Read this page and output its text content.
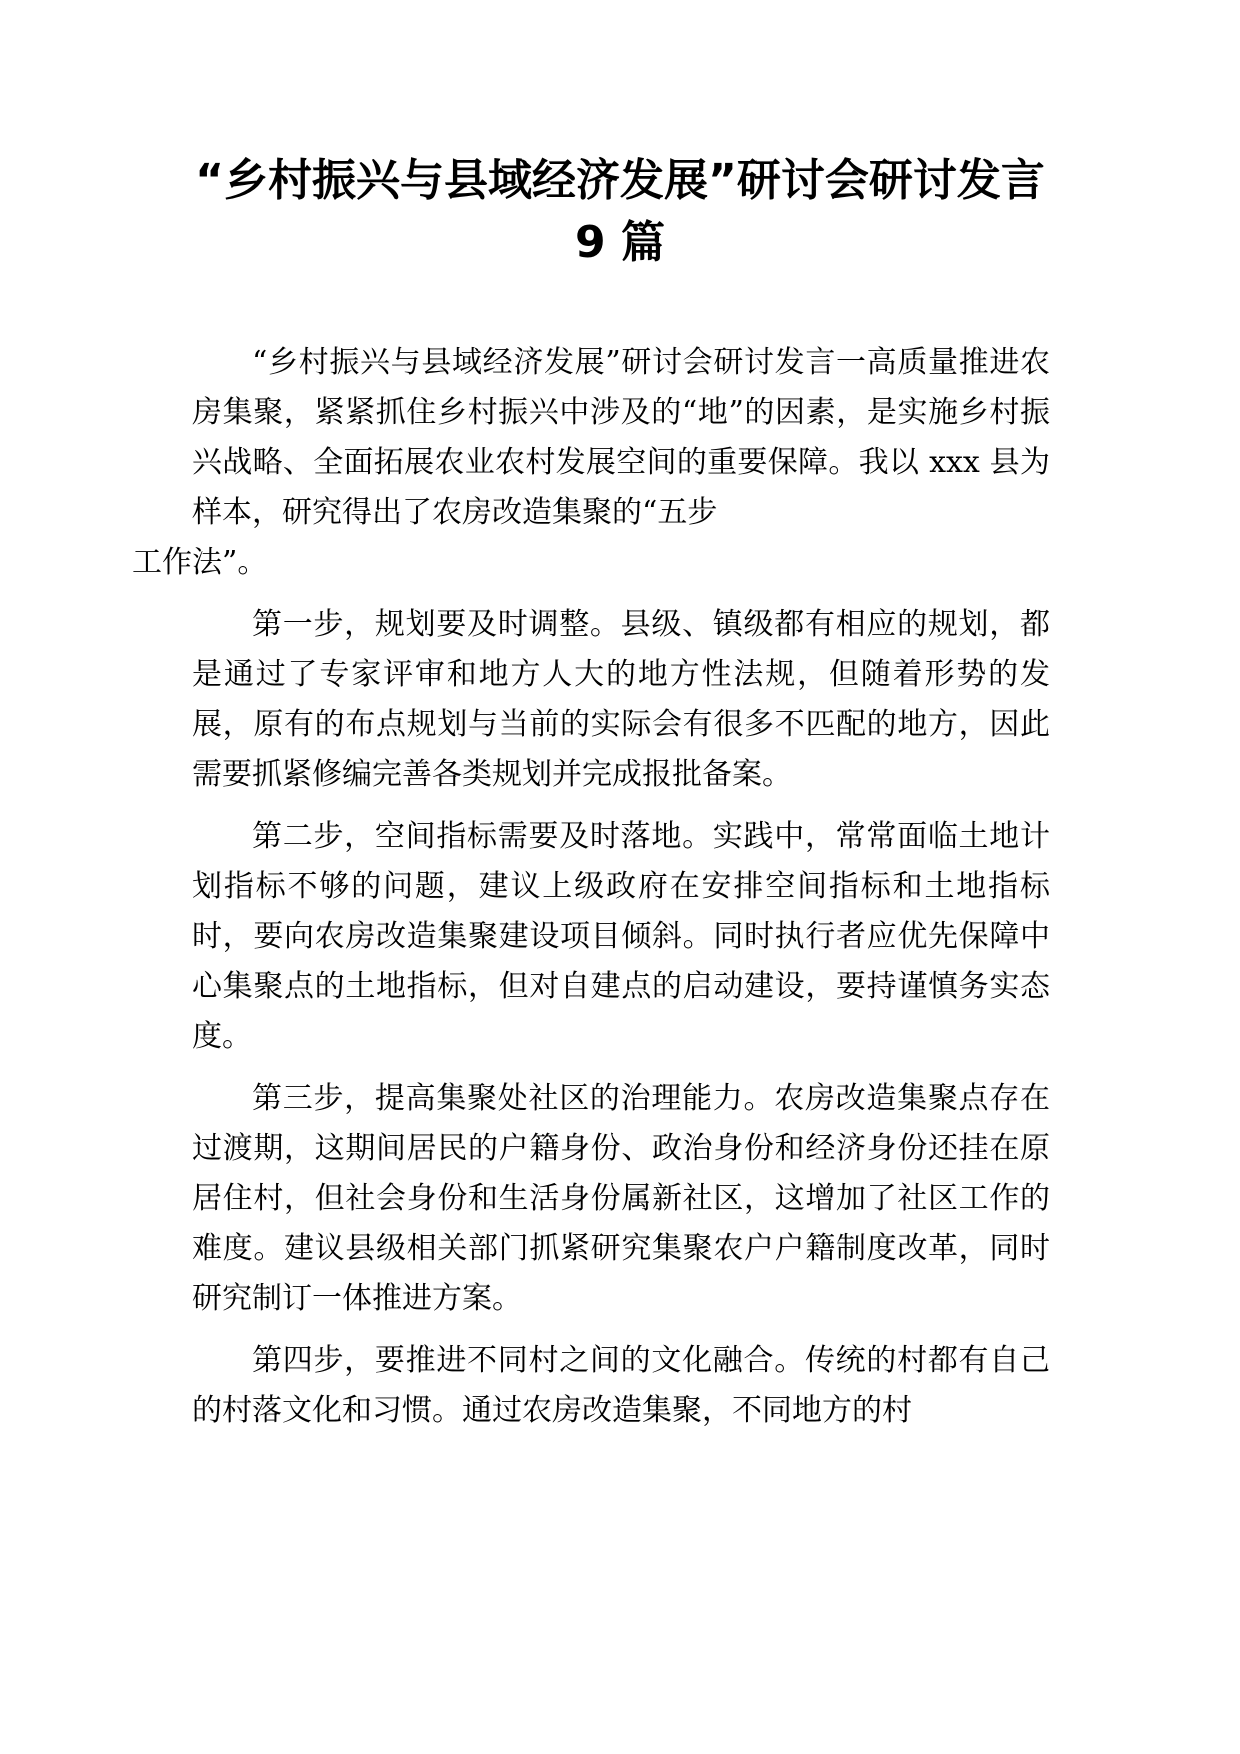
“乡村振兴与县域经济发展”研讨会研讨发言 9 篇

“乡村振兴与县域经济发展”研讨会研讨发言一高质量推进农房集聚，紧紧抓住乡村振兴中涉及的“地”的因素，是实施乡村振兴战略、全面拓展农业农村发展空间的重要保障。我以 xxx 县为样本，研究得出了农房改造集聚的“五步
工作法”。

第一步，规划要及时调整。县级、镇级都有相应的规划，都是通过了专家评审和地方人大的地方性法规，但随着形势的发展，原有的布点规划与当前的实际会有很多不匹配的地方，因此需要抓紧修编完善各类规划并完成报批备案。

第二步，空间指标需要及时落地。实践中，常常面临土地计划指标不够的问题，建议上级政府在安排空间指标和土地指标时，要向农房改造集聚建设项目倾斜。同时执行者应优先保障中心集聚点的土地指标，但对自建点的启动建设，要持谨慎务实态度。

第三步，提高集聚处社区的治理能力。农房改造集聚点存在过渡期，这期间居民的户籍身份、政治身份和经济身份还挂在原居住村，但社会身份和生活身份属新社区，这增加了社区工作的难度。建议县级相关部门抓紧研究集聚农户户籍制度改革，同时研究制订一体推进方案。

第四步，要推进不同村之间的文化融合。传统的村都有自己的村落文化和习惯。通过农房改造集聚，不同地方的村
